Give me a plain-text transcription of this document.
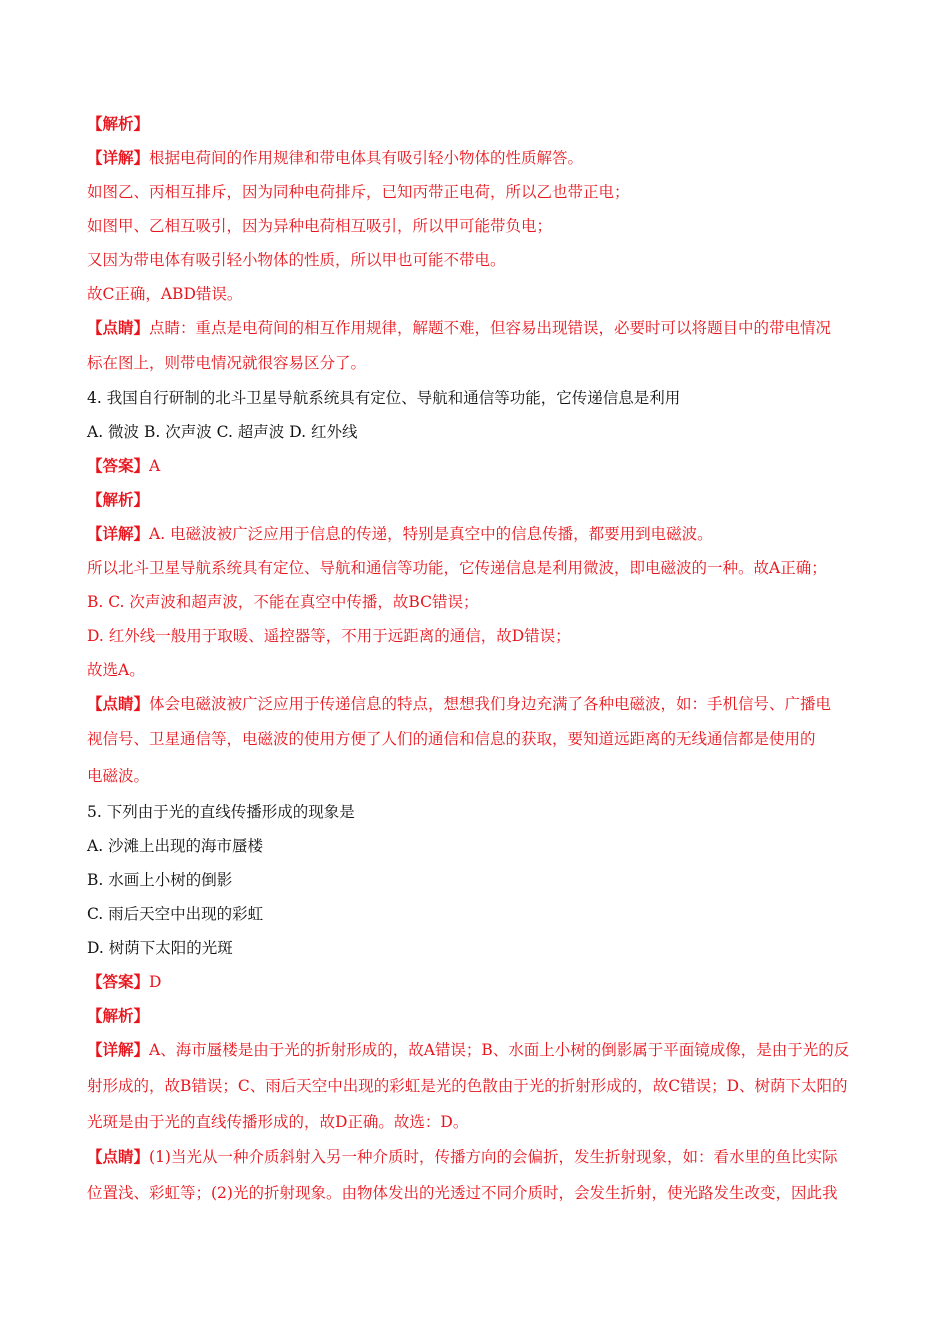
【解析】
【详解】根据电荷间的作用规律和带电体具有吸引轻小物体的性质解答。
如图乙、丙相互排斥，因为同种电荷排斥，已知丙带正电荷，所以乙也带正电；
如图甲、乙相互吸引，因为异种电荷相互吸引，所以甲可能带负电；
又因为带电体有吸引轻小物体的性质，所以甲也可能不带电。
故C正确，ABD错误。
【点睛】点睛：重点是电荷间的相互作用规律，解题不难，但容易出现错误，必要时可以将题目中的带电情况
标在图上，则带电情况就很容易区分了。
4. 我国自行研制的北斗卫星导航系统具有定位、导航和通信等功能，它传递信息是利用
A. 微波 B. 次声波 C. 超声波 D. 红外线
【答案】A
【解析】
【详解】A. 电磁波被广泛应用于信息的传递，特别是真空中的信息传播，都要用到电磁波。
所以北斗卫星导航系统具有定位、导航和通信等功能，它传递信息是利用微波，即电磁波的一种。故A正确；
B. C. 次声波和超声波，不能在真空中传播，故BC错误；
D. 红外线一般用于取暖、遥控器等，不用于远距离的通信，故D错误；
故选A。
【点睛】体会电磁波被广泛应用于传递信息的特点，想想我们身边充满了各种电磁波，如：手机信号、广播电
视信号、卫星通信等，电磁波的使用方便了人们的通信和信息的获取，要知道远距离的无线通信都是使用的
电磁波。
5. 下列由于光的直线传播形成的现象是
A. 沙滩上出现的海市蜃楼
B. 水画上小树的倒影
C. 雨后天空中出现的彩虹
D. 树荫下太阳的光斑
【答案】D
【解析】
【详解】A、海市蜃楼是由于光的折射形成的，故A错误；B、水面上小树的倒影属于平面镜成像，是由于光的反
射形成的，故B错误；C、雨后天空中出现的彩虹是光的色散由于光的折射形成的，故C错误；D、树荫下太阳的
光斑是由于光的直线传播形成的，故D正确。故选：D。
【点睛】(1)当光从一种介质斜射入另一种介质时，传播方向的会偏折，发生折射现象，如：看水里的鱼比实际
位置浅、彩虹等；(2)光的折射现象。由物体发出的光透过不同介质时，会发生折射，使光路发生改变，因此我
